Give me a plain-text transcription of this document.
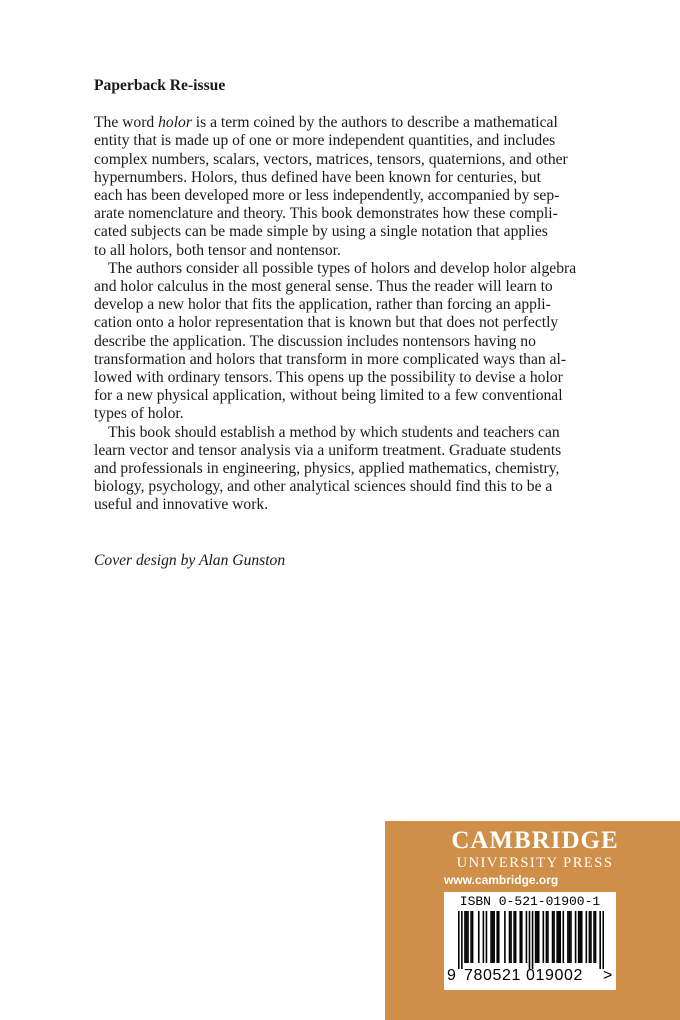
Paperback Re-issue

The word holor is a term coined by the authors to describe a mathematical
entity that is made up of one or more independent quantities, and includes
complex numbers, scalars, vectors, matrices, tensors, quaternions, and other
hypernumbers. Holors, thus defined have been known for centuries, but
each has been developed more or less independently, accompanied by sep-
arate nomenclature and theory. This book demonstrates how these compli-
cated subjects can be made simple by using a single notation that applies
to all holors, both tensor and nontensor.

The authors consider all possible types of holors and develop holor algebra
and holor calculus in the most general sense. Thus the reader will learn to
develop a new holor that fits the application, rather than forcing an appli-
cation onto a holor representation that is known but that does not perfectly
describe the application. The discussion includes nontensors having no
transformation and holors that transform in more complicated ways than al-
lowed with ordinary tensors. This opens up the possibility to devise a holor
for a new physical application, without being limited to a few conventional
types of holor.

This book should establish a method by which students and teachers can
learn vector and tensor analysis via a uniform treatment. Graduate students
and professionals in engineering, physics, applied mathematics, chemistry,
biology, psychology, and other analytical sciences should find this to be a
useful and innovative work.

Cover design by Alan Gunston
CAMBRIDGE
UNIVERSITY PRESS
www.cambridge.org
ISBN 0-521-01900-1
9 780521 019002 >
